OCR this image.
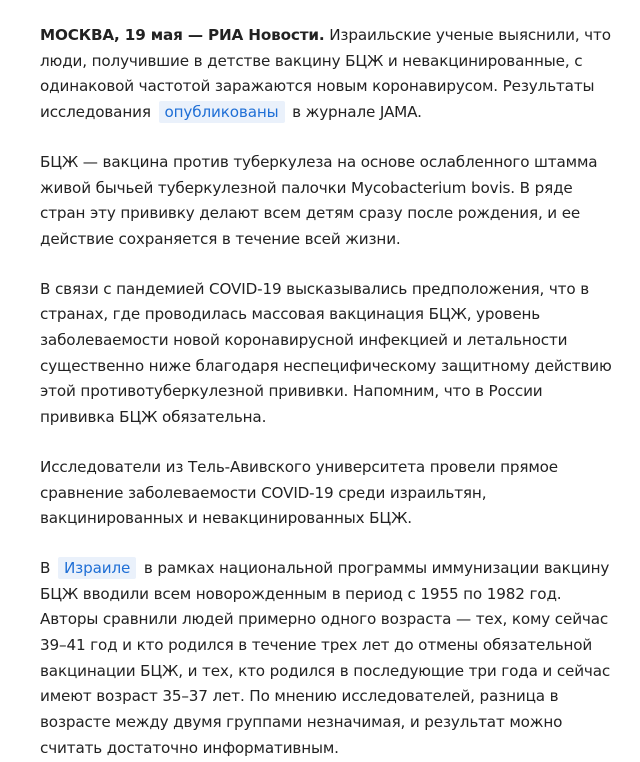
МОСКВА, 19 мая — РИА Новости. Израильские ученые выяснили, что люди, получившие в детстве вакцину БЦЖ и невакцинированные, с одинаковой частотой заражаются новым коронавирусом. Результаты исследования опубликованы в журнале JAMA.

БЦЖ — вакцина против туберкулеза на основе ослабленного штамма живой бычьей туберкулезной палочки Mycobacterium bovis. В ряде стран эту прививку делают всем детям сразу после рождения, и ее действие сохраняется в течение всей жизни.

В связи с пандемией COVID-19 высказывались предположения, что в странах, где проводилась массовая вакцинация БЦЖ, уровень заболеваемости новой коронавирусной инфекцией и летальности существенно ниже благодаря неспецифическому защитному действию этой противотуберкулезной прививки. Напомним, что в России прививка БЦЖ обязательна.

Исследователи из Тель-Авивского университета провели прямое сравнение заболеваемости COVID-19 среди израильтян, вакцинированных и невакцинированных БЦЖ.

В Израиле в рамках национальной программы иммунизации вакцину БЦЖ вводили всем новорожденным в период с 1955 по 1982 год. Авторы сравнили людей примерно одного возраста — тех, кому сейчас 39–41 год и кто родился в течение трех лет до отмены обязательной вакцинации БЦЖ, и тех, кто родился в последующие три года и сейчас имеют возраст 35–37 лет. По мнению исследователей, разница в возрасте между двумя группами незначимая, и результат можно считать достаточно информативным.
